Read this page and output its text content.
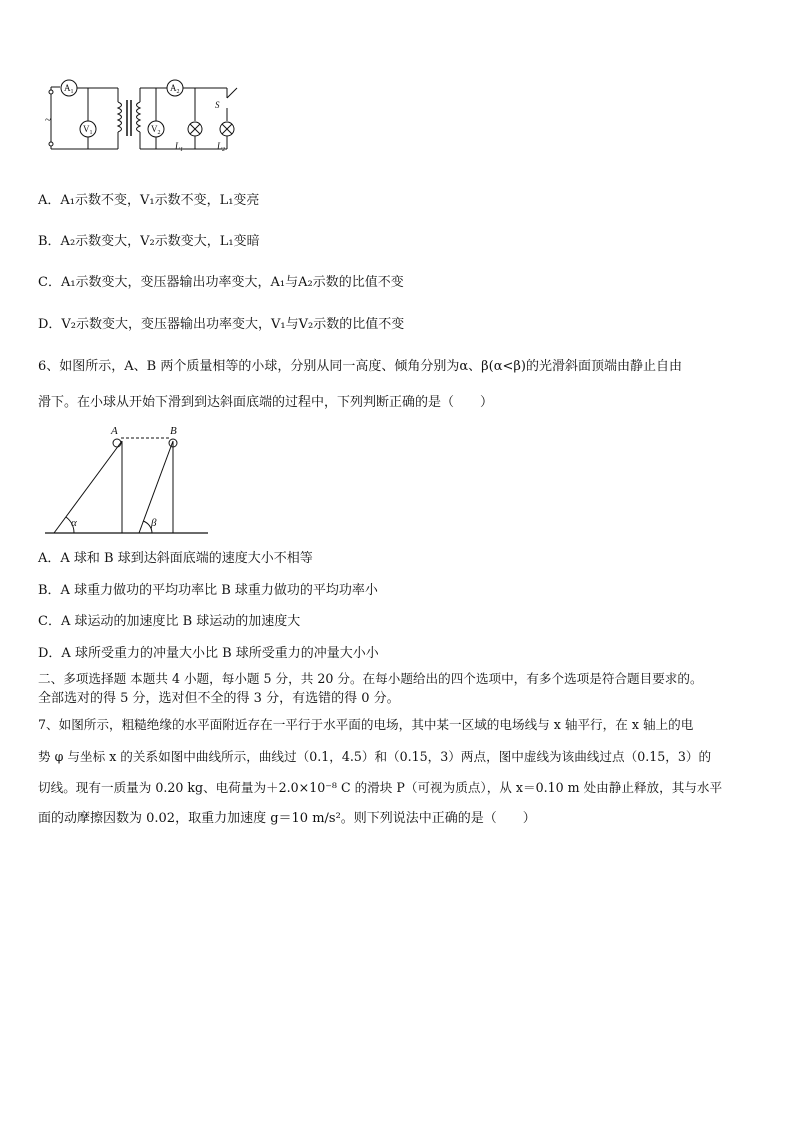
$A_1$
$V_1$
$A_2$
$V_2$
S
$L_1$	$L_2$
~
A．A₁示数不变，V₁示数不变，L₁变亮
B．A₂示数变大，V₂示数变大，L₁变暗
C．A₁示数变大，变压器输出功率变大，A₁与A₂示数的比值不变
D．V₂示数变大，变压器输出功率变大，V₁与V₂示数的比值不变
6、如图所示，A、B 两个质量相等的小球，分别从同一高度、倾角分别为α、β(α<β)的光滑斜面顶端由静止自由
滑下。在小球从开始下滑到到达斜面底端的过程中，下列判断正确的是（　　）
A	B
α	β
A．A 球和 B 球到达斜面底端的速度大小不相等
B．A 球重力做功的平均功率比 B 球重力做功的平均功率小
C．A 球运动的加速度比 B 球运动的加速度大
D．A 球所受重力的冲量大小比 B 球所受重力的冲量大小小
二、多项选择题 本题共 4 小题，每小题 5 分，共 20 分。在每小题给出的四个选项中，有多个选项是符合题目要求的。
全部选对的得 5 分，选对但不全的得 3 分，有选错的得 0 分。
7、如图所示，粗糙绝缘的水平面附近存在一平行于水平面的电场，其中某一区域的电场线与 x 轴平行，在 x 轴上的电
势 φ 与坐标 x 的关系如图中曲线所示，曲线过（0.1，4.5）和（0.15，3）两点，图中虚线为该曲线过点（0.15，3）的
切线。现有一质量为 0.20 kg、电荷量为＋2.0×10⁻⁸ C 的滑块 P（可视为质点），从 x＝0.10 m 处由静止释放，其与水平
面的动摩擦因数为 0.02，取重力加速度 g＝10 m/s²。则下列说法中正确的是（　　）
